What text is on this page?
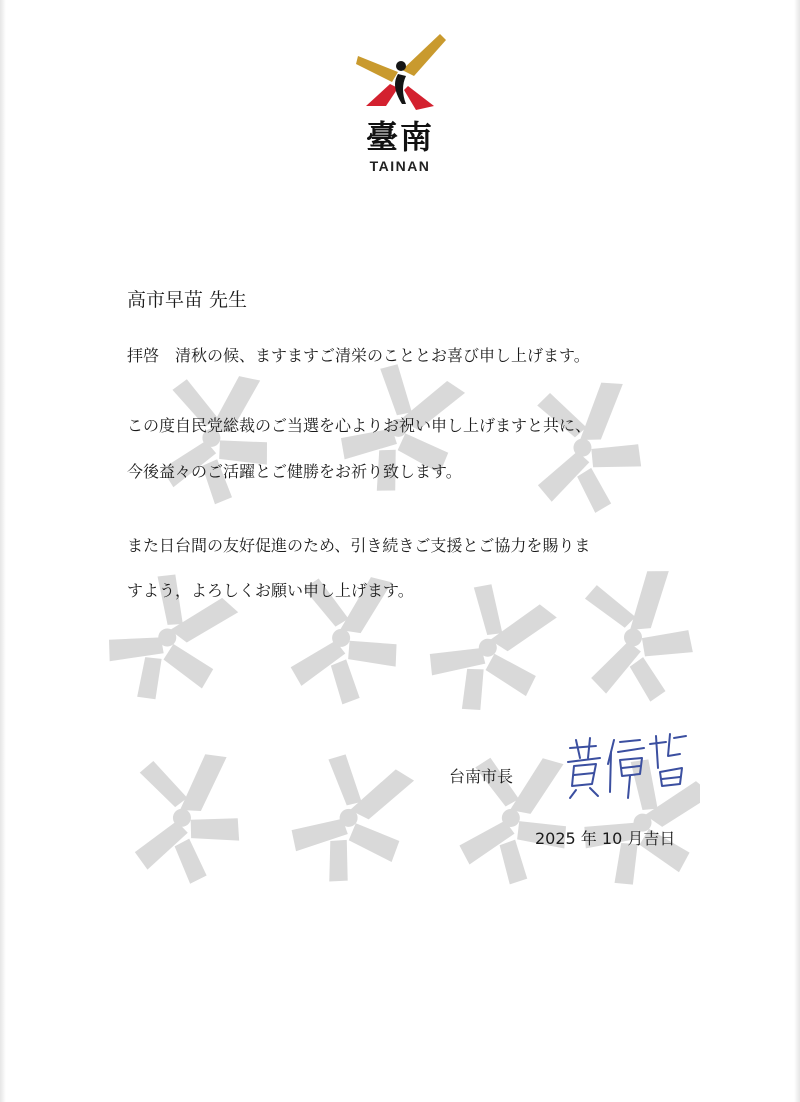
臺南
TAINAN
高市早苗 先生
拝啓　清秋の候、ますますご清栄のこととお喜び申し上げます。
この度自民党総裁のご当選を心よりお祝い申し上げますと共に、
今後益々のご活躍とご健勝をお祈り致します。
また日台間の友好促進のため、引き続きご支援とご協力を賜りま
すよう，よろしくお願い申し上げます。
台南市長
2025 年 10 月吉日
